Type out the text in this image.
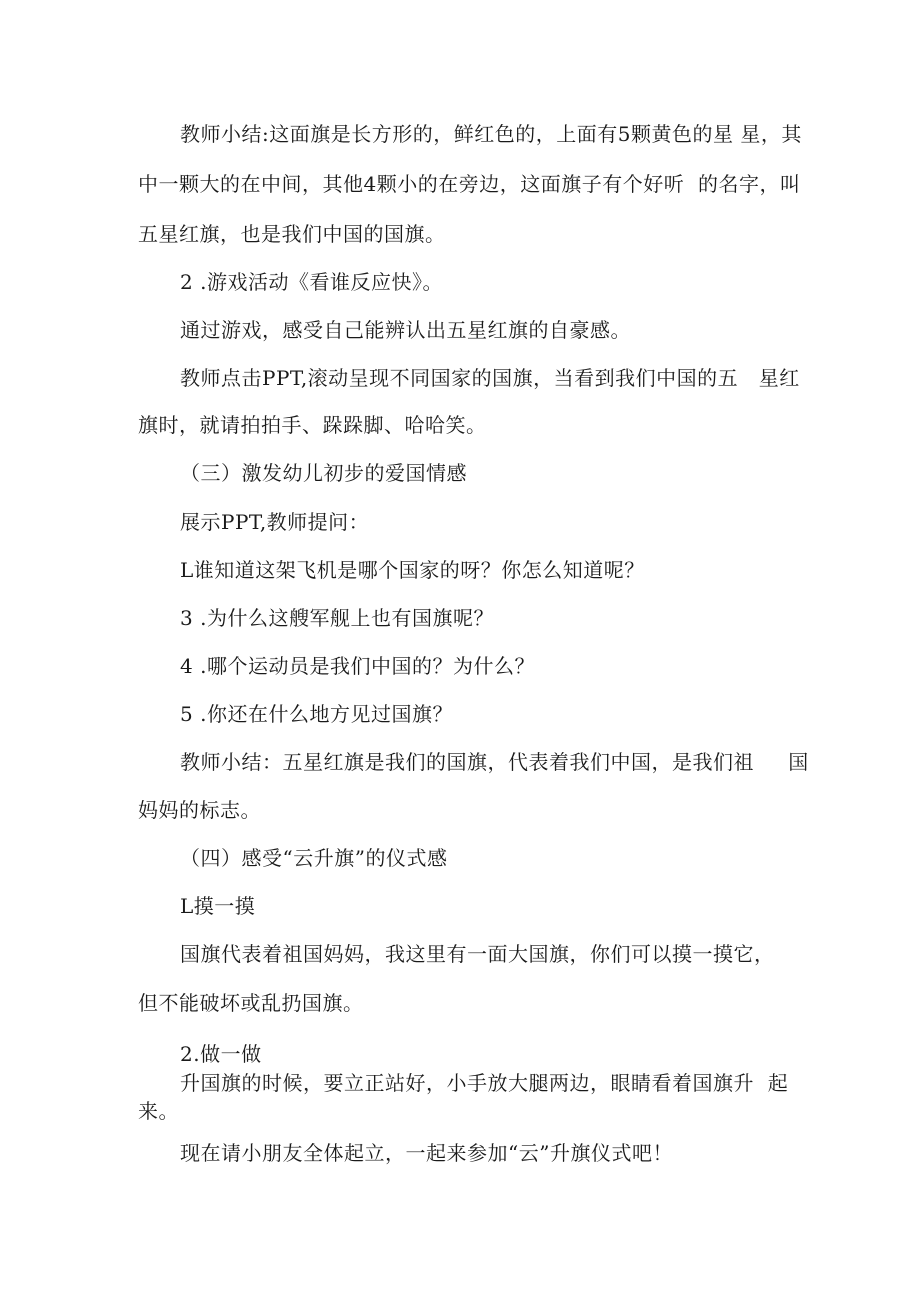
教师小结:这面旗是长方形的，鲜红色的，上面有5颗黄色的星 星，其
中一颗大的在中间，其他4颗小的在旁边，这面旗子有个好听  的名字，叫
五星红旗，也是我们中国的国旗。
2 .游戏活动《看谁反应快》。
通过游戏，感受自己能辨认出五星红旗的自豪感。
教师点击PPT,滚动呈现不同国家的国旗，当看到我们中国的五   星红
旗时，就请拍拍手、跺跺脚、哈哈笑。
（三）激发幼儿初步的爱国情感
展示PPT,教师提问：
L谁知道这架飞机是哪个国家的呀？你怎么知道呢？
3 .为什么这艘军舰上也有国旗呢？
4 .哪个运动员是我们中国的？为什么？
5 .你还在什么地方见过国旗？
教师小结：五星红旗是我们的国旗，代表着我们中国，是我们祖     国
妈妈的标志。
（四）感受“云升旗”的仪式感
L摸一摸
国旗代表着祖国妈妈，我这里有一面大国旗，你们可以摸一摸它，
但不能破坏或乱扔国旗。
2.做一做
升国旗的时候，要立正站好，小手放大腿两边，眼睛看着国旗升  起
来。
现在请小朋友全体起立，一起来参加“云”升旗仪式吧！
